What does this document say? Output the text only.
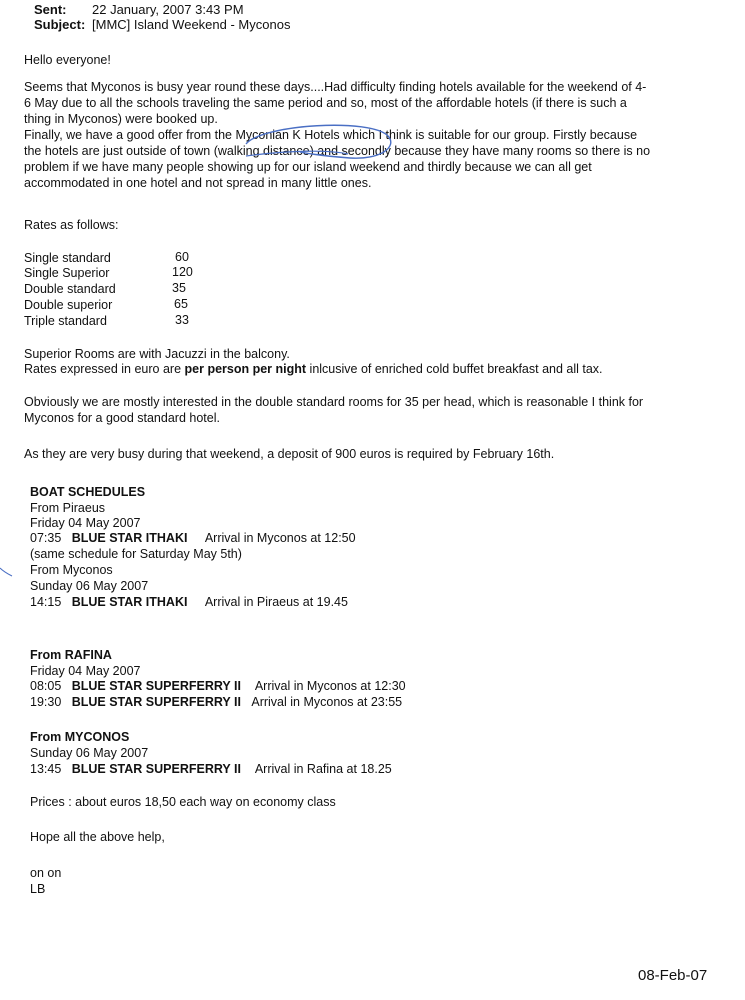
Sent: 22 January, 2007 3:43 PM
Subject: [MMC] Island Weekend - Myconos
Hello everyone!

Seems that Myconos is busy year round these days....Had difficulty finding hotels available for the weekend of 4-

6 May due to all the schools traveling the same period and so, most of the affordable hotels (if there is such a

thing in Myconos) were booked up.

Finally, we have a good offer from the Myconian K Hotels which I think is suitable for our group. Firstly because

the hotels are just outside of town (walking distance) and secondly because they have many rooms so there is no

problem if we have many people showing up for our island weekend and thirdly because we can all get

accommodated in one hotel and not spread in many little ones.

Rates as follows:
Single standard	60
Single Superior	120
Double standard	35
Double superior	65
Triple standard	33
Superior Rooms are with Jacuzzi in the balcony.
Rates expressed in euro are per person per night inlcusive of enriched cold buffet breakfast and all tax.

Obviously we are mostly interested in the double standard rooms for 35 per head, which is reasonable I think for

Myconos for a good standard hotel.

As they are very busy during that weekend, a deposit of 900 euros is required by February 16th.
BOAT SCHEDULES
From Piraeus
Friday 04 May 2007
07:35 BLUE STAR ITHAKI Arrival in Myconos at 12:50
(same schedule for Saturday May 5th)
From Myconos
Sunday 06 May 2007
14:15 BLUE STAR ITHAKI Arrival in Piraeus at 19.45
From RAFINA
Friday 04 May 2007
08:05 BLUE STAR SUPERFERRY II Arrival in Myconos at 12:30
19:30 BLUE STAR SUPERFERRY II Arrival in Myconos at 23:55
From MYCONOS
Sunday 06 May 2007
13:45 BLUE STAR SUPERFERRY II Arrival in Rafina at 18.25
Prices : about euros 18,50 each way on economy class
Hope all the above help,
on on
LB
08-Feb-07
